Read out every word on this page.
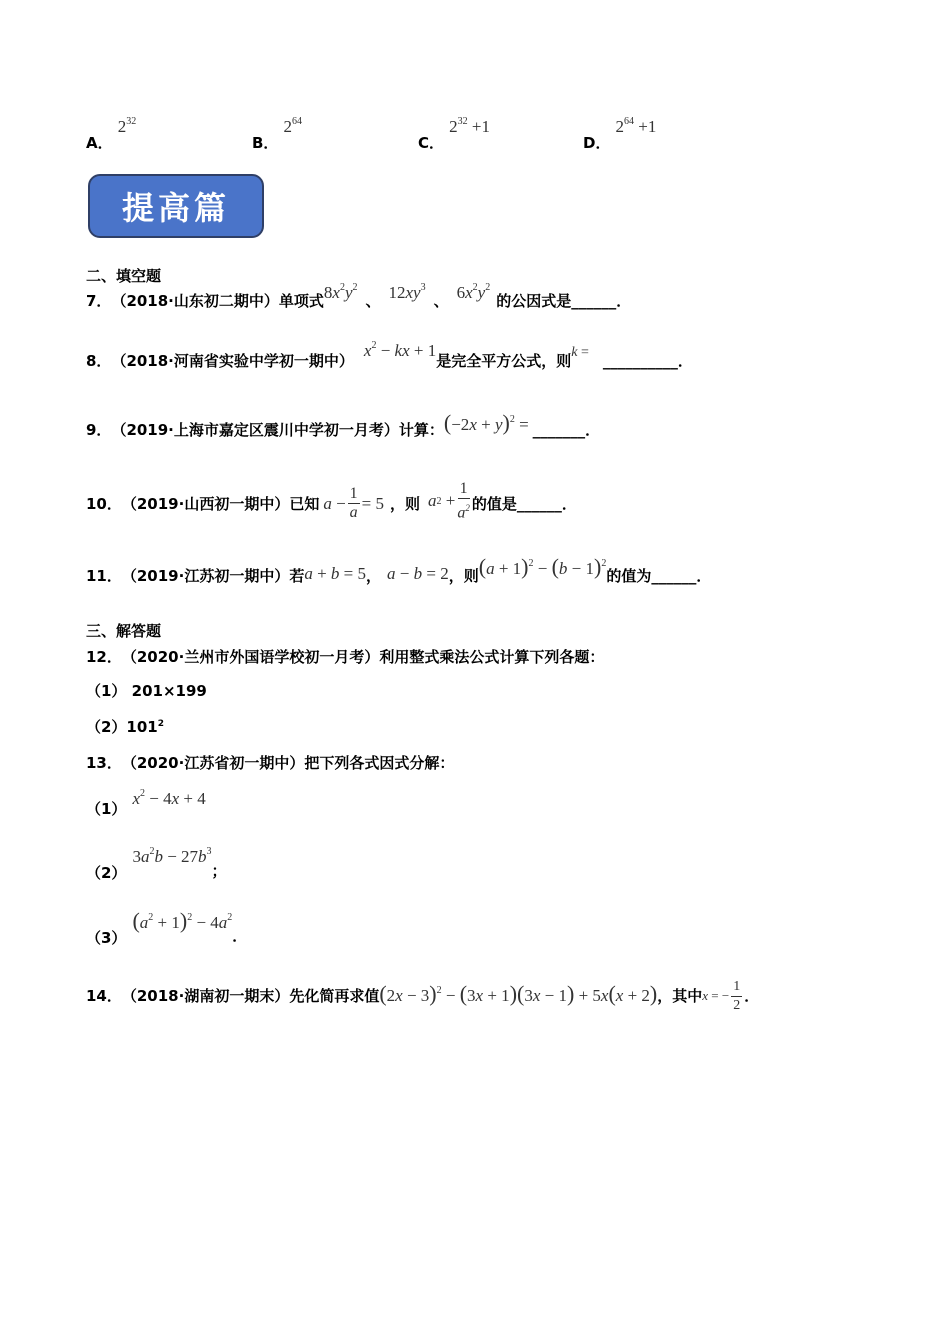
A． $2^{32}$
B． $2^{64}$
C． $2^{32} +1$
D． $2^{64} +1$
提高篇
二、填空题
7． （2018·山东初二期中）单项式 $8x^2y^2$
、 $12xy^3$
、 $6x^2y^2$
的公因式是______．
8． （2018·河南省实验中学初一期中）
$x^2$ − kx + 1
是完全平方公式，则 k = __________．
9． （2019·上海市嘉定区震川中学初一月考）计算： $(-2x + y)^2$ = _______．
10． （2019·山西初一期中）已知 $a - \frac{1}{a} = 5$ ，则 a $2 + \frac{1}{a^2}$ 的值是______．
11． （2019·江苏初一期中）若 a + b = 5 ， a − b = 2 ，则 $(a + 1)^2 - (b - 1)^2$
的值为______．
三、解答题
12． （2020·兰州市外国语学校初一月考）利用整式乘法公式计算下列各题：
（1） 201×199
$(2)101^2$
13． （2020·江苏省初一期中）把下列各式因式分解：
（1）
$x^2 - 4x + 4$
（2）
$3a^2b - 27b^3$
；
（3）
$(a^2 + 1)^2 - 4a^2$
．
14． （2018·湖南初一期末）先化简再求值 $(2x - 3)^2 - (3x + 1)(3x - 1) + 5x(x + 2)$ ，其中 x = − $\frac{1}{2}$ ．
